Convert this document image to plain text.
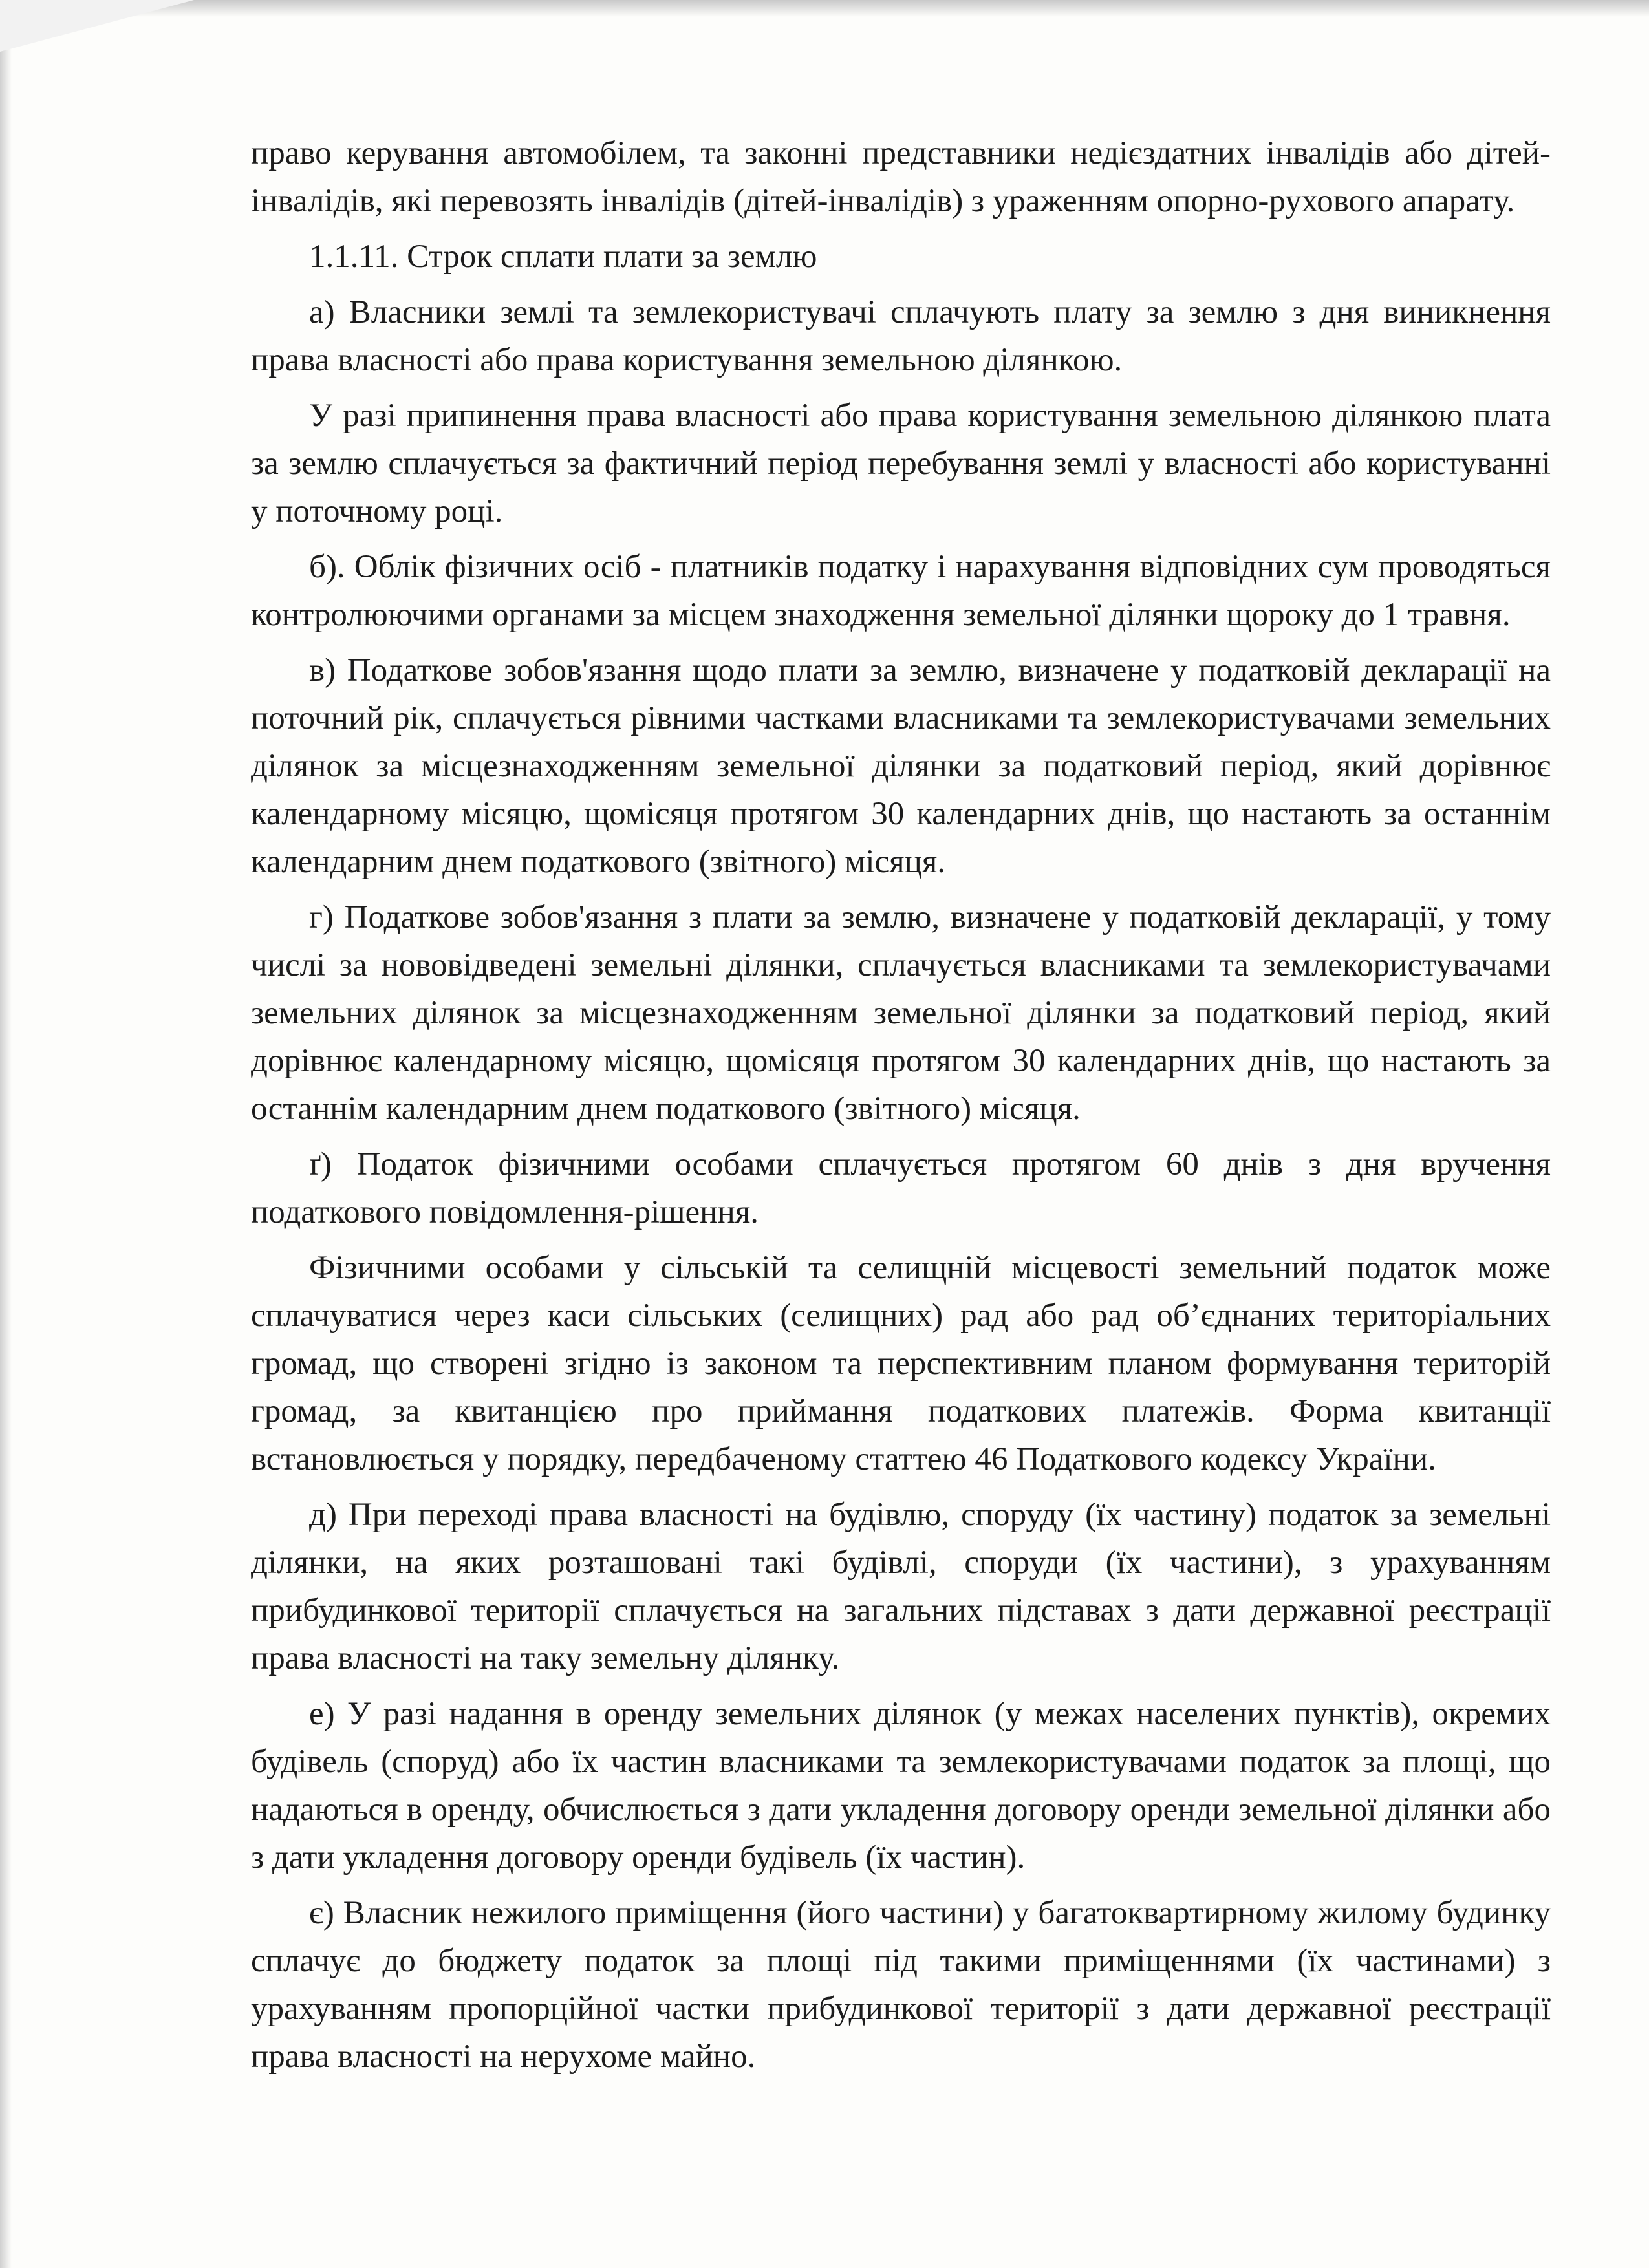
право керування автомобілем, та законні представники недієздатних інвалідів або дітей-інвалідів, які перевозять інвалідів (дітей-інвалідів) з ураженням опорно-рухового апарату.

1.1.11. Строк сплати плати за землю

а) Власники землі та землекористувачі сплачують плату за землю з дня виникнення права власності або права користування земельною ділянкою.

У разі припинення права власності або права користування земельною ділянкою плата за землю сплачується за фактичний період перебування землі у власності або користуванні у поточному році.

б). Облік фізичних осіб - платників податку і нарахування відповідних сум проводяться контролюючими органами за місцем знаходження земельної ділянки щороку до 1 травня.

в) Податкове зобов'язання щодо плати за землю, визначене у податковій декларації на поточний рік, сплачується рівними частками власниками та землекористувачами земельних ділянок за місцезнаходженням земельної ділянки за податковий період, який дорівнює календарному місяцю, щомісяця протягом 30 календарних днів, що настають за останнім календарним днем податкового (звітного) місяця.

г) Податкове зобов'язання з плати за землю, визначене у податковій декларації, у тому числі за нововідведені земельні ділянки, сплачується власниками та землекористувачами земельних ділянок за місцезнаходженням земельної ділянки за податковий період, який дорівнює календарному місяцю, щомісяця протягом 30 календарних днів, що настають за останнім календарним днем податкового (звітного) місяця.

ґ) Податок фізичними особами сплачується протягом 60 днів з дня вручення податкового повідомлення-рішення.

Фізичними особами у сільській та селищній місцевості земельний податок може сплачуватися через каси сільських (селищних) рад або рад об’єднаних територіальних громад, що створені згідно із законом та перспективним планом формування територій громад, за квитанцією про приймання податкових платежів. Форма квитанції встановлюється у порядку, передбаченому статтею 46 Податкового кодексу України.

д) При переході права власності на будівлю, споруду (їх частину) податок за земельні ділянки, на яких розташовані такі будівлі, споруди (їх частини), з урахуванням прибудинкової території сплачується на загальних підставах з дати державної реєстрації права власності на таку земельну ділянку.

е) У разі надання в оренду земельних ділянок (у межах населених пунктів), окремих будівель (споруд) або їх частин власниками та землекористувачами податок за площі, що надаються в оренду, обчислюється з дати укладення договору оренди земельної ділянки або з дати укладення договору оренди будівель (їх частин).

є) Власник нежилого приміщення (його частини) у багатоквартирному жилому будинку сплачує до бюджету податок за площі під такими приміщеннями (їх частинами) з урахуванням пропорційної частки прибудинкової території з дати державної реєстрації права власності на нерухоме майно.
